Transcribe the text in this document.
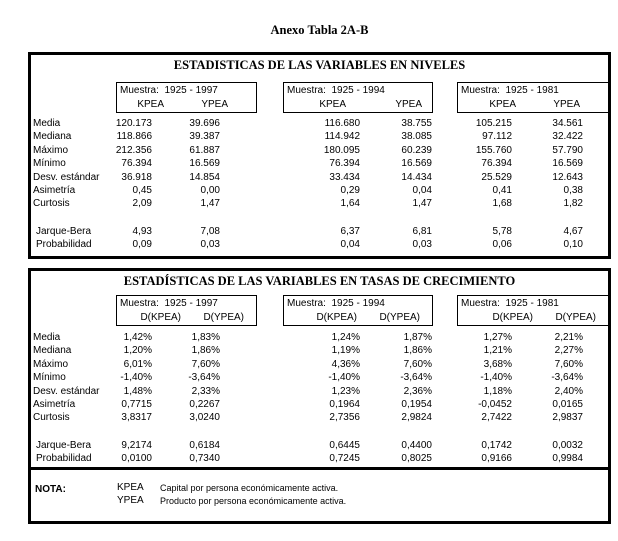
Anexo Tabla 2A-B
ESTADISTICAS DE LAS VARIABLES EN NIVELES
Muestra:  1925 - 1997
KPEA	YPEA
Muestra:  1925 - 1994
KPEA	YPEA
Muestra:  1925 - 1981
KPEA	YPEA
Media	120.173	39.696	116.680	38.755	105.215	34.561
Mediana	118.866	39.387	114.942	38.085	97.112	32.422
Máximo	212.356	61.887	180.095	60.239	155.760	57.790
Mínimo	76.394	16.569	76.394	16.569	76.394	16.569
Desv. estándar 36.918	14.854	33.434	14.434	25.529	12.643
Asimetría	0,45	0,00	0,29	0,04	0,41	0,38
Curtosis	2,09	1,47	1,64	1,47	1,68	1,82
Jarque-Bera	4,93	7,08	6,37	6,81	5,78	4,67
Probabilidad	0,09	0,03	0,04	0,03	0,06	0,10
ESTADÍSTICAS DE LAS VARIABLES EN TASAS DE CRECIMIENTO
Muestra:  1925 - 1997
D(KPEA) D(YPEA)
Muestra:  1925 - 1994
D(KPEA) D(YPEA)
Muestra:  1925 - 1981
D(KPEA) D(YPEA)
Media	1,42%	1,83%	1,24%	1,87%	1,27%	2,21%
Mediana	1,20%	1,86%	1,19%	1,86%	1,21%	2,27%
Máximo	6,01%	7,60%	4,36%	7,60%	3,68%	7,60%
Mínimo	-1,40%	-3,64%	-1,40%	-3,64%	-1,40%	-3,64%
Desv. estándar 1,48%	2,33%	1,23%	2,36%	1,18%	2,40%
Asimetría	0,7715	0,2267	0,1964	0,1954	-0,0452	0,0165
Curtosis	3,8317	3,0240	2,7356	2,9824	2,7422	2,9837
Jarque-Bera	9,2174	0,6184	0,6445	0,4400	0,1742	0,0032
Probabilidad	0,0100	0,7340	0,7245	0,8025	0,9166	0,9984
NOTA:	KPEA Capital por persona económicamente activa.
YPEA Producto por persona económicamente activa.
